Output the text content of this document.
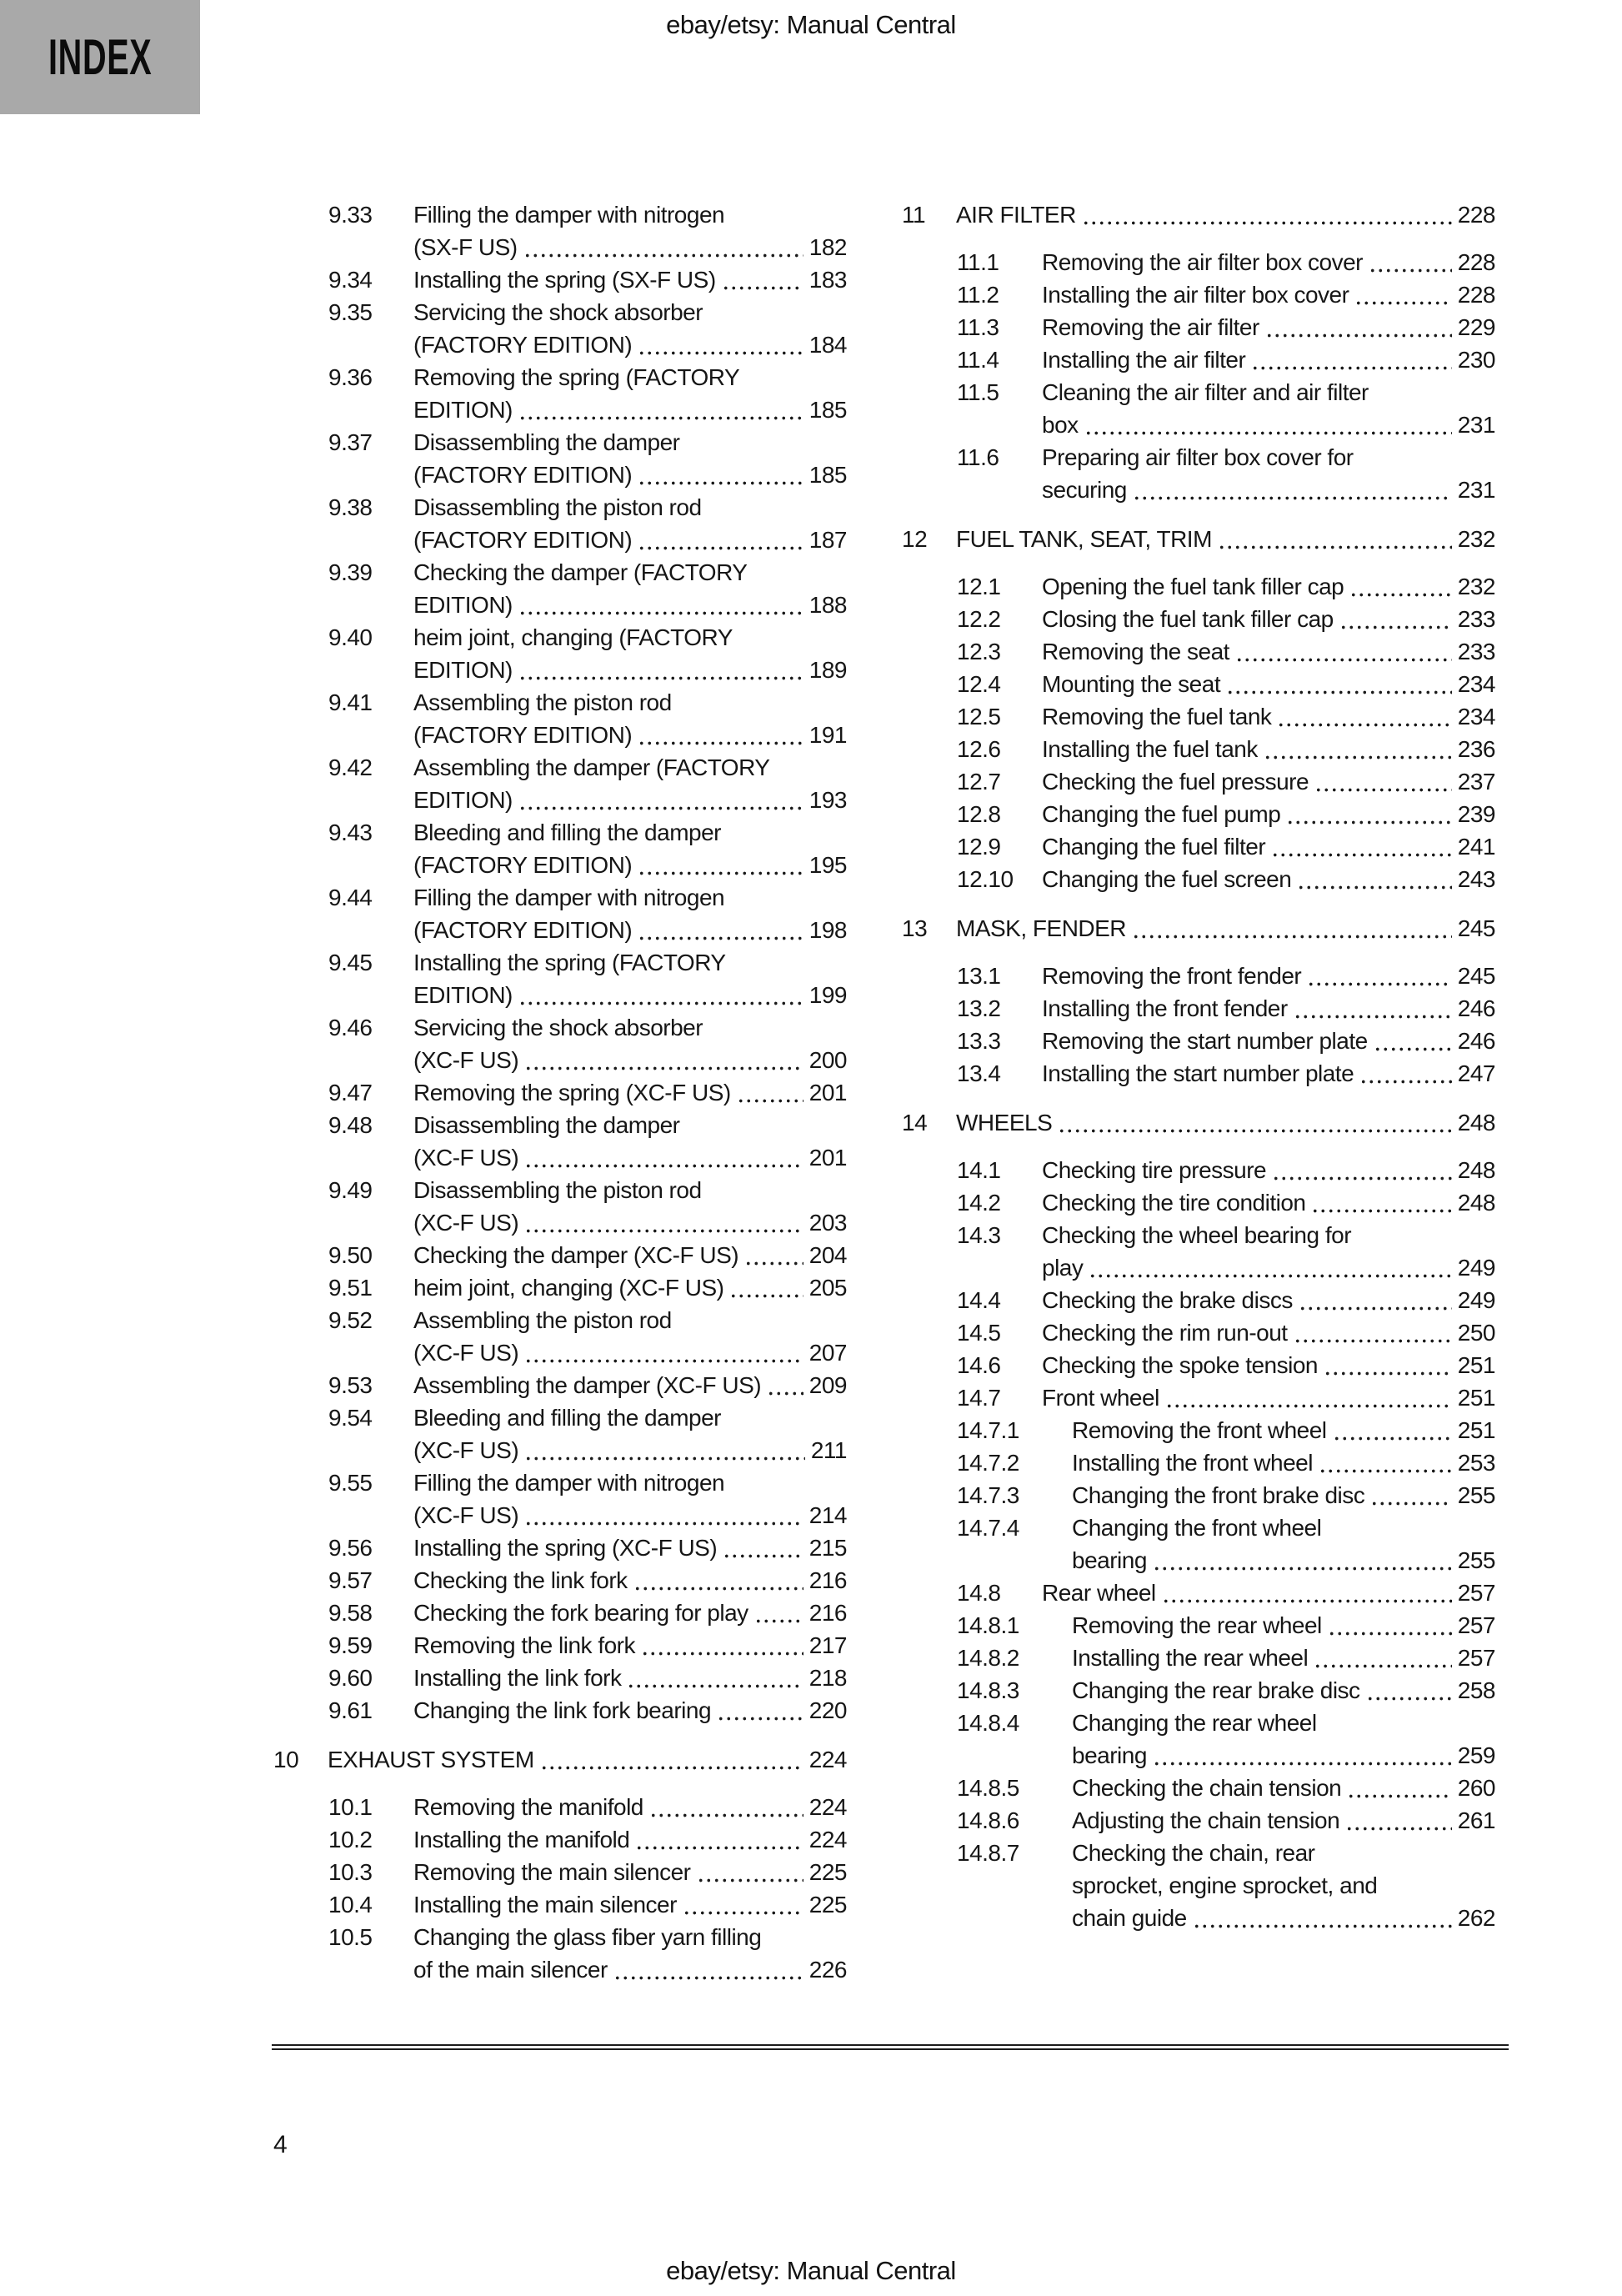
ebay/etsy: Manual Central
INDEX
9.33	Filling the damper with nitrogen
(SX-F US)	182
9.34	Installing the spring (SX-F US)	183
9.35	Servicing the shock absorber
(FACTORY EDITION)	184
9.36	Removing the spring (FACTORY
EDITION)	185
9.37	Disassembling the damper
(FACTORY EDITION)	185
9.38	Disassembling the piston rod
(FACTORY EDITION)	187
9.39	Checking the damper (FACTORY
EDITION)	188
9.40	heim joint, changing (FACTORY
EDITION)	189
9.41	Assembling the piston rod
(FACTORY EDITION)	191
9.42	Assembling the damper (FACTORY
EDITION)	193
9.43	Bleeding and filling the damper
(FACTORY EDITION)	195
9.44	Filling the damper with nitrogen
(FACTORY EDITION)	198
9.45	Installing the spring (FACTORY
EDITION)	199
9.46	Servicing the shock absorber
(XC-F US)	200
9.47	Removing the spring (XC-F US)	201
9.48	Disassembling the damper
(XC-F US)	201
9.49	Disassembling the piston rod
(XC-F US)	203
9.50	Checking the damper (XC-F US)	204
9.51	heim joint, changing (XC-F US)	205
9.52	Assembling the piston rod
(XC-F US)	207
9.53	Assembling the damper (XC-F US) 209
9.54	Bleeding and filling the damper
(XC-F US)	211
9.55	Filling the damper with nitrogen
(XC-F US)	214
9.56	Installing the spring (XC-F US)	215
9.57	Checking the link fork	216
9.58	Checking the fork bearing for play	216
9.59	Removing the link fork	217
9.60	Installing the link fork	218
9.61	Changing the link fork bearing	220
10	EXHAUST SYSTEM	224
10.1	Removing the manifold	224
10.2	Installing the manifold	224
10.3	Removing the main silencer	225
10.4	Installing the main silencer	225
10.5	Changing the glass fiber yarn filling
of the main silencer	226
11	AIR FILTER	228
11.1	Removing the air filter box cover	228
11.2	Installing the air filter box cover	228
11.3	Removing the air filter	229
11.4	Installing the air filter	230
11.5	Cleaning the air filter and air filter
box	231
11.6	Preparing air filter box cover for
securing	231
12	FUEL TANK, SEAT, TRIM	232
12.1	Opening the fuel tank filler cap	232
12.2	Closing the fuel tank filler cap	233
12.3	Removing the seat	233
12.4	Mounting the seat	234
12.5	Removing the fuel tank	234
12.6	Installing the fuel tank	236
12.7	Checking the fuel pressure	237
12.8	Changing the fuel pump	239
12.9	Changing the fuel filter	241
12.10	Changing the fuel screen	243
13	MASK, FENDER	245
13.1	Removing the front fender	245
13.2	Installing the front fender	246
13.3	Removing the start number plate	246
13.4	Installing the start number plate	247
14	WHEELS	248
14.1	Checking tire pressure	248
14.2	Checking the tire condition	248
14.3	Checking the wheel bearing for
play	249
14.4	Checking the brake discs	249
14.5	Checking the rim run-out	250
14.6	Checking the spoke tension	251
14.7	Front wheel	251
14.7.1	Removing the front wheel	251
14.7.2	Installing the front wheel	253
14.7.3	Changing the front brake disc	255
14.7.4	Changing the front wheel
bearing	255
14.8	Rear wheel	257
14.8.1	Removing the rear wheel	257
14.8.2	Installing the rear wheel	257
14.8.3	Changing the rear brake disc	258
14.8.4	Changing the rear wheel
bearing	259
14.8.5	Checking the chain tension	260
14.8.6	Adjusting the chain tension	261
14.8.7	Checking the chain, rear
sprocket, engine sprocket, and
chain guide	262
4
ebay/etsy: Manual Central
